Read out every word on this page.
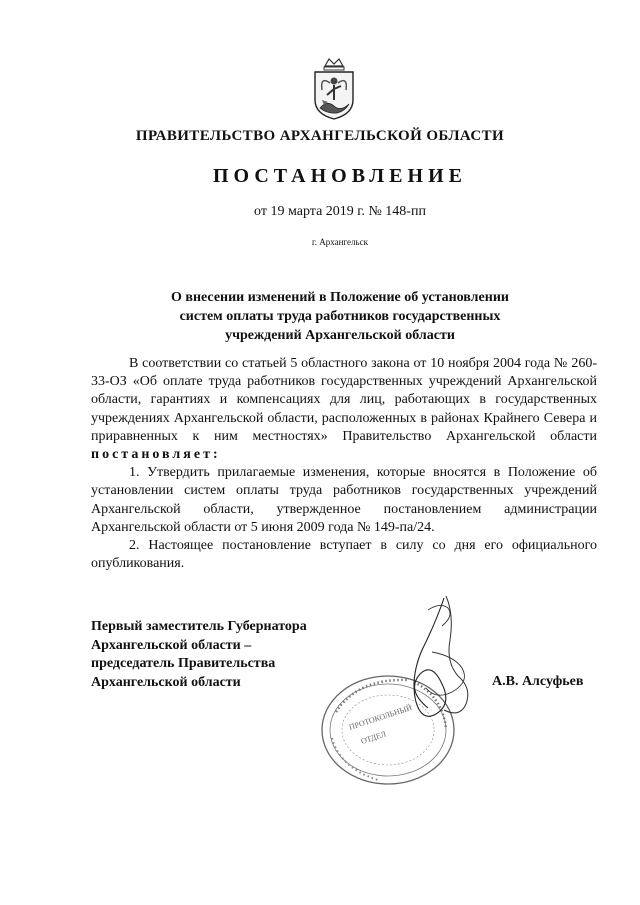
ПРАВИТЕЛЬСТВО АРХАНГЕЛЬСКОЙ ОБЛАСТИ
ПОСТАНОВЛЕНИЕ
от 19 марта 2019 г. № 148-пп
г. Архангельск
О внесении изменений в Положение об установлении
систем оплаты труда работников государственных
учреждений Архангельской области

В соответствии со статьей 5 областного закона от 10 ноября 2004 года № 260-33-ОЗ «Об оплате труда работников государственных учреждений Архангельской области, гарантиях и компенсациях для лиц, работающих в государственных учреждениях Архангельской области, расположенных в районах Крайнего Севера и приравненных к ним местностях» Правительство Архангельской области постановляет:

1. Утвердить прилагаемые изменения, которые вносятся в Положение об установлении систем оплаты труда работников государственных учреждений Архангельской области, утвержденное постановлением администрации Архангельской области от 5 июня 2009 года № 149-па/24.

2. Настоящее постановление вступает в силу со дня его официального опубликования.

Первый заместитель Губернатора
Архангельской области –
председатель Правительства
Архангельской области
ПРОТОКОЛЬНЫЙ
ОТДЕЛ
А.В. Алсуфьев
